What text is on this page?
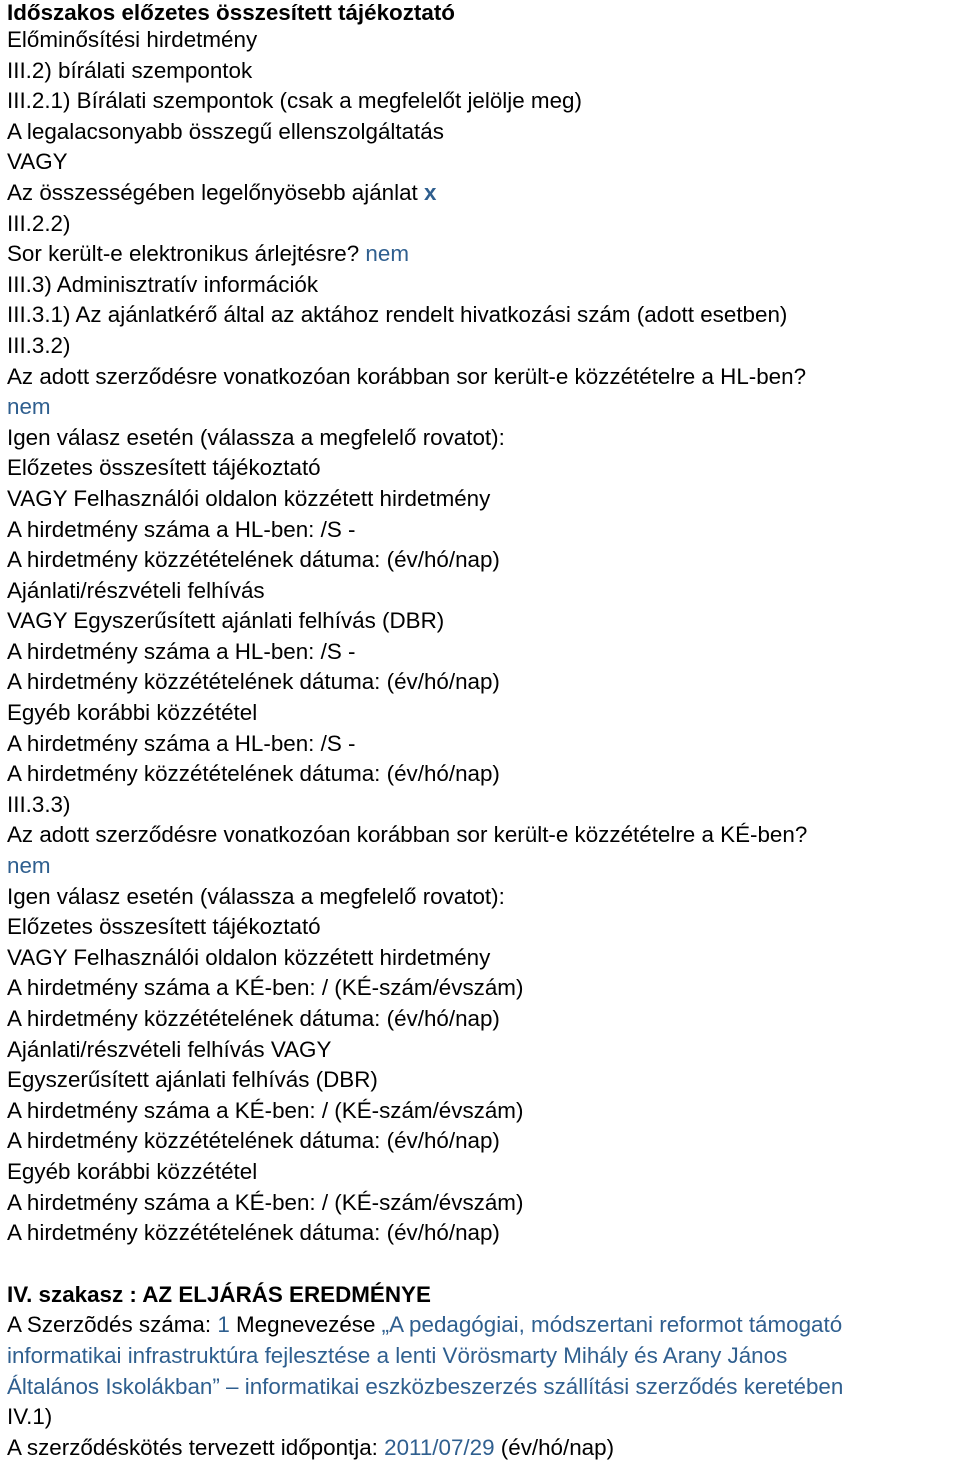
Időszakos előzetes összesített tájékoztató
Előminősítési hirdetmény
III.2) bírálati szempontok
III.2.1) Bírálati szempontok (csak a megfelelőt jelölje meg)
A legalacsonyabb összegű ellenszolgáltatás
VAGY
Az összességében legelőnyösebb ajánlat x
III.2.2)
Sor került-e elektronikus árlejtésre? nem
III.3) Adminisztratív információk
III.3.1) Az ajánlatkérő által az aktához rendelt hivatkozási szám (adott esetben)
III.3.2)
Az adott szerződésre vonatkozóan korábban sor került-e közzétételre a HL-ben?
nem
Igen válasz esetén (válassza a megfelelő rovatot):
Előzetes összesített tájékoztató
VAGY Felhasználói oldalon közzétett hirdetmény
A hirdetmény száma a HL-ben: /S -
A hirdetmény közzétételének dátuma: (év/hó/nap)
Ajánlati/részvételi felhívás
VAGY Egyszerűsített ajánlati felhívás (DBR)
A hirdetmény száma a HL-ben: /S -
A hirdetmény közzétételének dátuma: (év/hó/nap)
Egyéb korábbi közzététel
A hirdetmény száma a HL-ben: /S -
A hirdetmény közzétételének dátuma: (év/hó/nap)
III.3.3)
Az adott szerződésre vonatkozóan korábban sor került-e közzétételre a KÉ-ben?
nem
Igen válasz esetén (válassza a megfelelő rovatot):
Előzetes összesített tájékoztató
VAGY Felhasználói oldalon közzétett hirdetmény
A hirdetmény száma a KÉ-ben: / (KÉ-szám/évszám)
A hirdetmény közzétételének dátuma: (év/hó/nap)
Ajánlati/részvételi felhívás VAGY
Egyszerűsített ajánlati felhívás (DBR)
A hirdetmény száma a KÉ-ben: / (KÉ-szám/évszám)
A hirdetmény közzétételének dátuma: (év/hó/nap)
Egyéb korábbi közzététel
A hirdetmény száma a KÉ-ben: / (KÉ-szám/évszám)
A hirdetmény közzétételének dátuma: (év/hó/nap)
IV. szakasz : AZ ELJÁRÁS EREDMÉNYE
A Szerzõdés száma: 1 Megnevezése „A pedagógiai, módszertani reformot támogató
informatikai infrastruktúra fejlesztése a lenti Vörösmarty Mihály és Arany János
Általános Iskolákban” – informatikai eszközbeszerzés szállítási szerződés keretében
IV.1)
A szerződéskötés tervezett időpontja: 2011/07/29 (év/hó/nap)
